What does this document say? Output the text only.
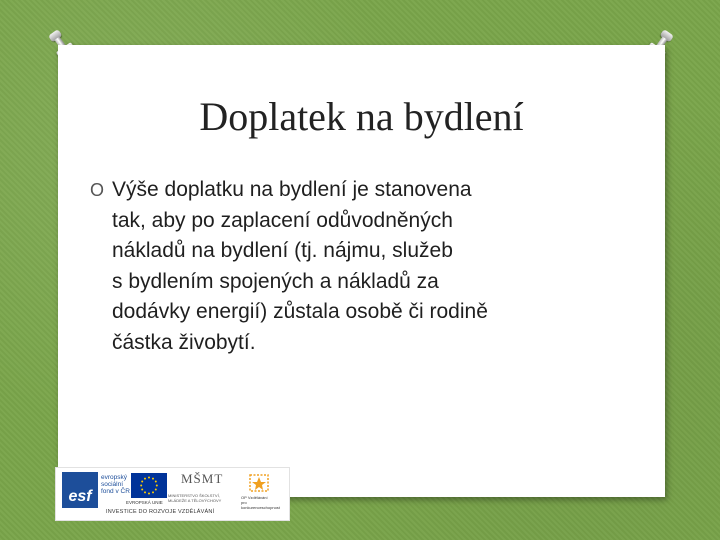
Doplatek na bydlení
O Výše doplatku na bydlení je stanovena
tak, aby po zaplacení odůvodněných
nákladů na bydlení (tj. nájmu, služeb
s bydlením spojených a nákladů za
dodávky energií) zůstala osobě či rodině
částka živobytí.
esf
evropský
sociální
fond v ČR
EVROPSKÁ UNIE
MŠMT
MINISTERSTVO ŠKOLSTVÍ,
MLÁDEŽE A TĚLOVÝCHOVY
OP Vzdělávání
pro konkurenceschopnost
INVESTICE DO ROZVOJE VZDĚLÁVÁNÍ
